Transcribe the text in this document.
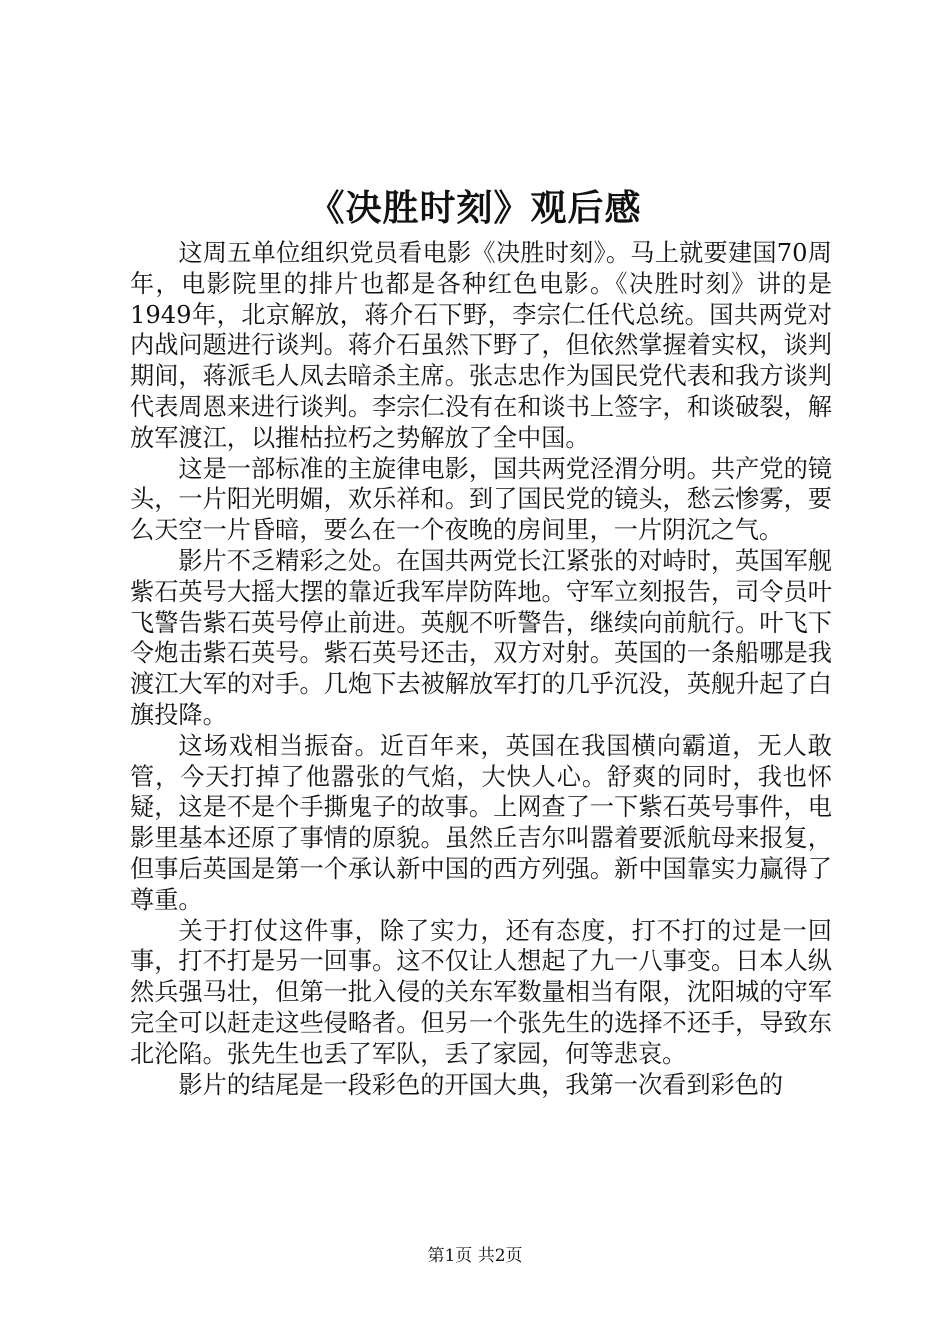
《决胜时刻》观后感

这周五单位组织党员看电影《决胜时刻》。马上就要建国70周年，电影院里的排片也都是各种红色电影。《决胜时刻》讲的是1949年，北京解放，蒋介石下野，李宗仁任代总统。国共两党对内战问题进行谈判。蒋介石虽然下野了，但依然掌握着实权，谈判期间，蒋派毛人凤去暗杀主席。张志忠作为国民党代表和我方谈判代表周恩来进行谈判。李宗仁没有在和谈书上签字，和谈破裂，解放军渡江，以摧枯拉朽之势解放了全中国。

这是一部标准的主旋律电影，国共两党泾渭分明。共产党的镜头，一片阳光明媚，欢乐祥和。到了国民党的镜头，愁云惨雾，要么天空一片昏暗，要么在一个夜晚的房间里，一片阴沉之气。

影片不乏精彩之处。在国共两党长江紧张的对峙时，英国军舰紫石英号大摇大摆的靠近我军岸防阵地。守军立刻报告，司令员叶飞警告紫石英号停止前进。英舰不听警告，继续向前航行。叶飞下令炮击紫石英号。紫石英号还击，双方对射。英国的一条船哪是我渡江大军的对手。几炮下去被解放军打的几乎沉没，英舰升起了白旗投降。

这场戏相当振奋。近百年来，英国在我国横向霸道，无人敢管，今天打掉了他嚣张的气焰，大快人心。舒爽的同时，我也怀疑，这是不是个手撕鬼子的故事。上网查了一下紫石英号事件，电影里基本还原了事情的原貌。虽然丘吉尔叫嚣着要派航母来报复，但事后英国是第一个承认新中国的西方列强。新中国靠实力赢得了尊重。

关于打仗这件事，除了实力，还有态度，打不打的过是一回事，打不打是另一回事。这不仅让人想起了九一八事变。日本人纵然兵强马壮，但第一批入侵的关东军数量相当有限，沈阳城的守军完全可以赶走这些侵略者。但另一个张先生的选择不还手，导致东北沦陷。张先生也丢了军队，丢了家园，何等悲哀。

影片的结尾是一段彩色的开国大典，我第一次看到彩色的

第1页 共2页
